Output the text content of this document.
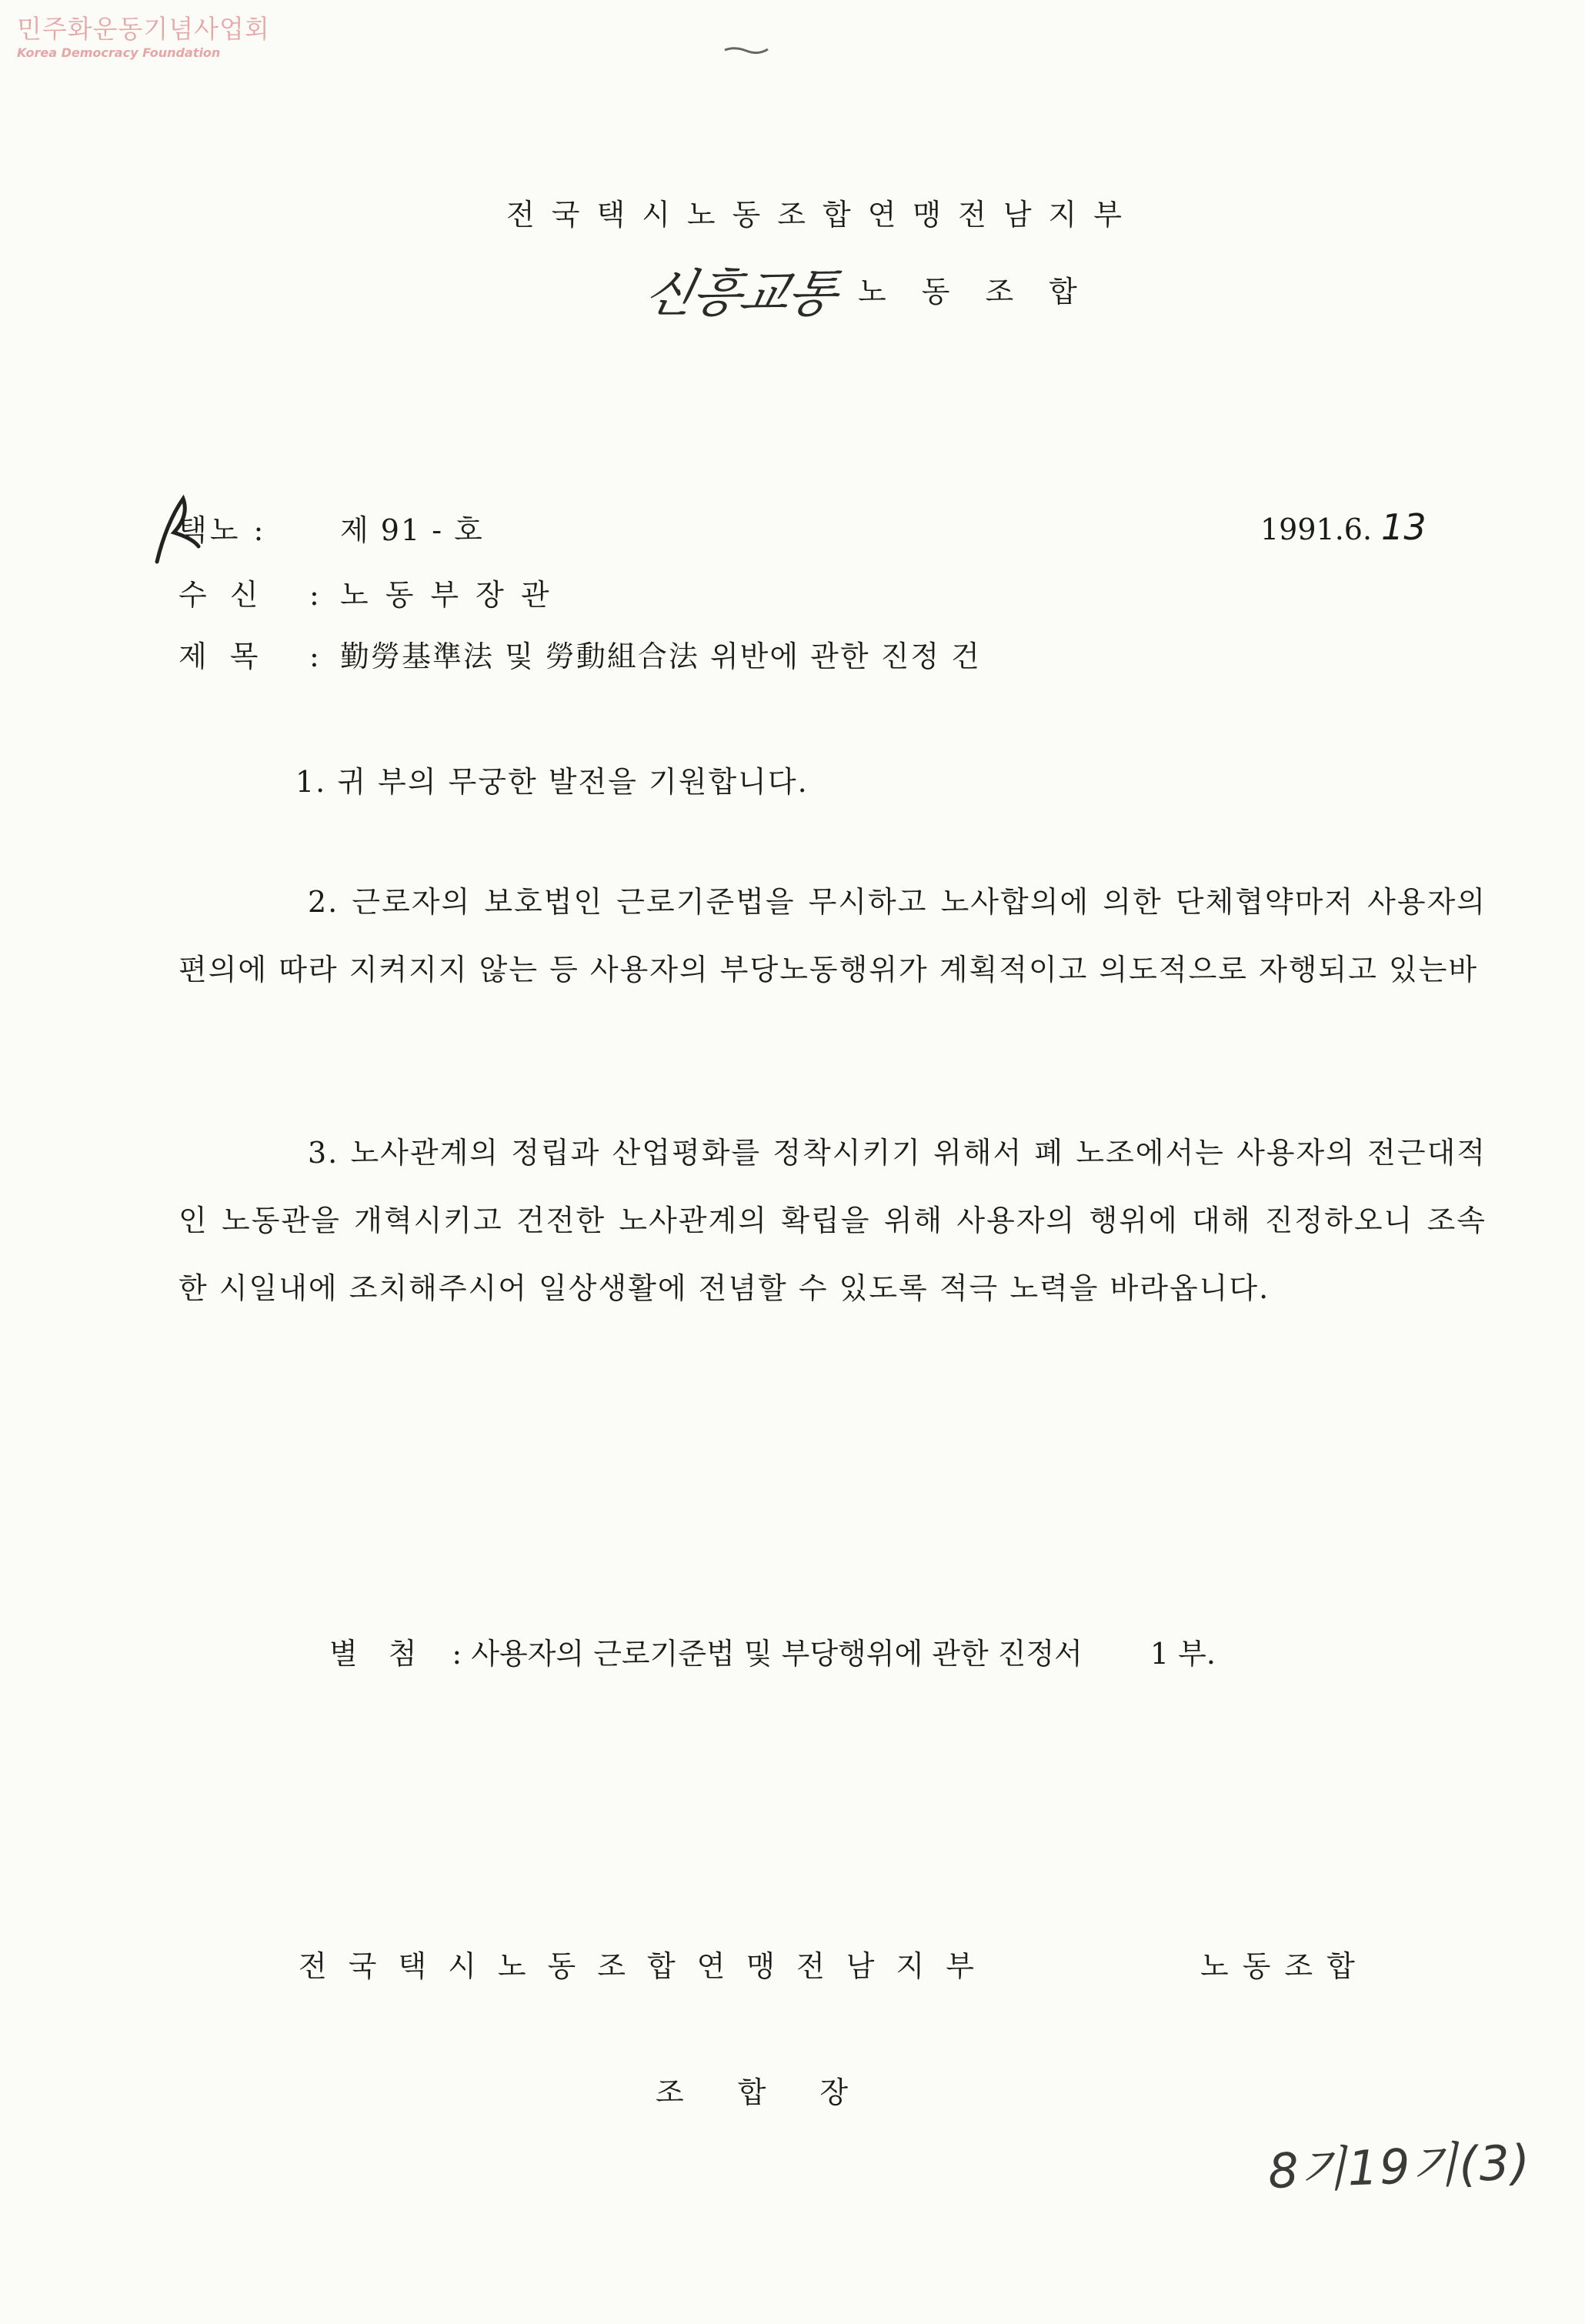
민주화운동기념사업회
Korea Democracy Foundation
전국택시노동조합연맹전남지부
신흥교통 노동조합
택노 :	제 91 - 호	1991.6. 13
수신 : 노동부장관
제목 : 勤勞基準法 및 勞動組合法 위반에 관한 진정 건
1. 귀 부의 무궁한 발전을 기원합니다.
2. 근로자의 보호법인 근로기준법을 무시하고 노사합의에 의한 단체협약마저 사용자의 편의에 따라 지켜지지 않는 등 사용자의 부당노동행위가 계획적이고 의도적으로 자행되고 있는바
3. 노사관계의 정립과 산업평화를 정착시키기 위해서 폐 노조에서는 사용자의 전근대적인 노동관을 개혁시키고 건전한 노사관계의 확립을 위해 사용자의 행위에 대해 진정하오니 조속한 시일내에 조치해주시어 일상생활에 전념할 수 있도록 적극 노력을 바라옵니다.
별첨 : 사용자의 근로기준법 및 부당행위에 관한 진정서 1 부.
전국택시노동조합연맹전남지부	노동조합
조합장
8기19기(3)
